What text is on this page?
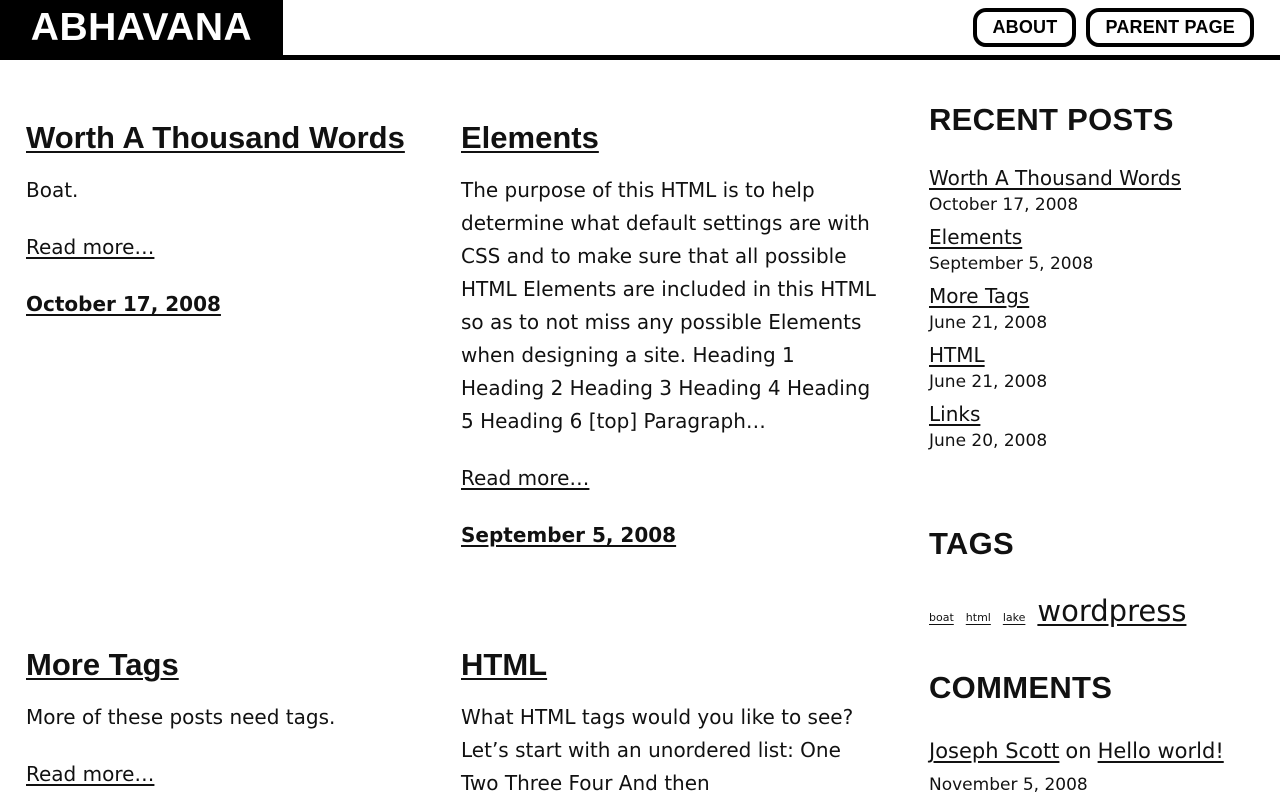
ABHAVANA	ABOUT	PARENT PAGE
Worth A Thousand Words

Boat.

Read more…
October 17, 2008
Elements

The purpose of this HTML is to help determine what default settings are with CSS and to make sure that all possible HTML Elements are included in this HTML so as to not miss any possible Elements when designing a site. Heading 1 Heading 2 Heading 3 Heading 4 Heading 5 Heading 6 [top] Paragraph…

Read more…
September 5, 2008
More Tags

More of these posts need tags.

Read more…
HTML

What HTML tags would you like to see? Let’s start with an unordered list: One Two Three Four And then

RECENT POSTS
Worth A Thousand Words
October 17, 2008
Elements
September 5, 2008
More Tags
June 21, 2008
HTML
June 21, 2008
Links
June 20, 2008
TAGS
boat html lake wordpress
COMMENTS
Joseph Scott on Hello world!
November 5, 2008
